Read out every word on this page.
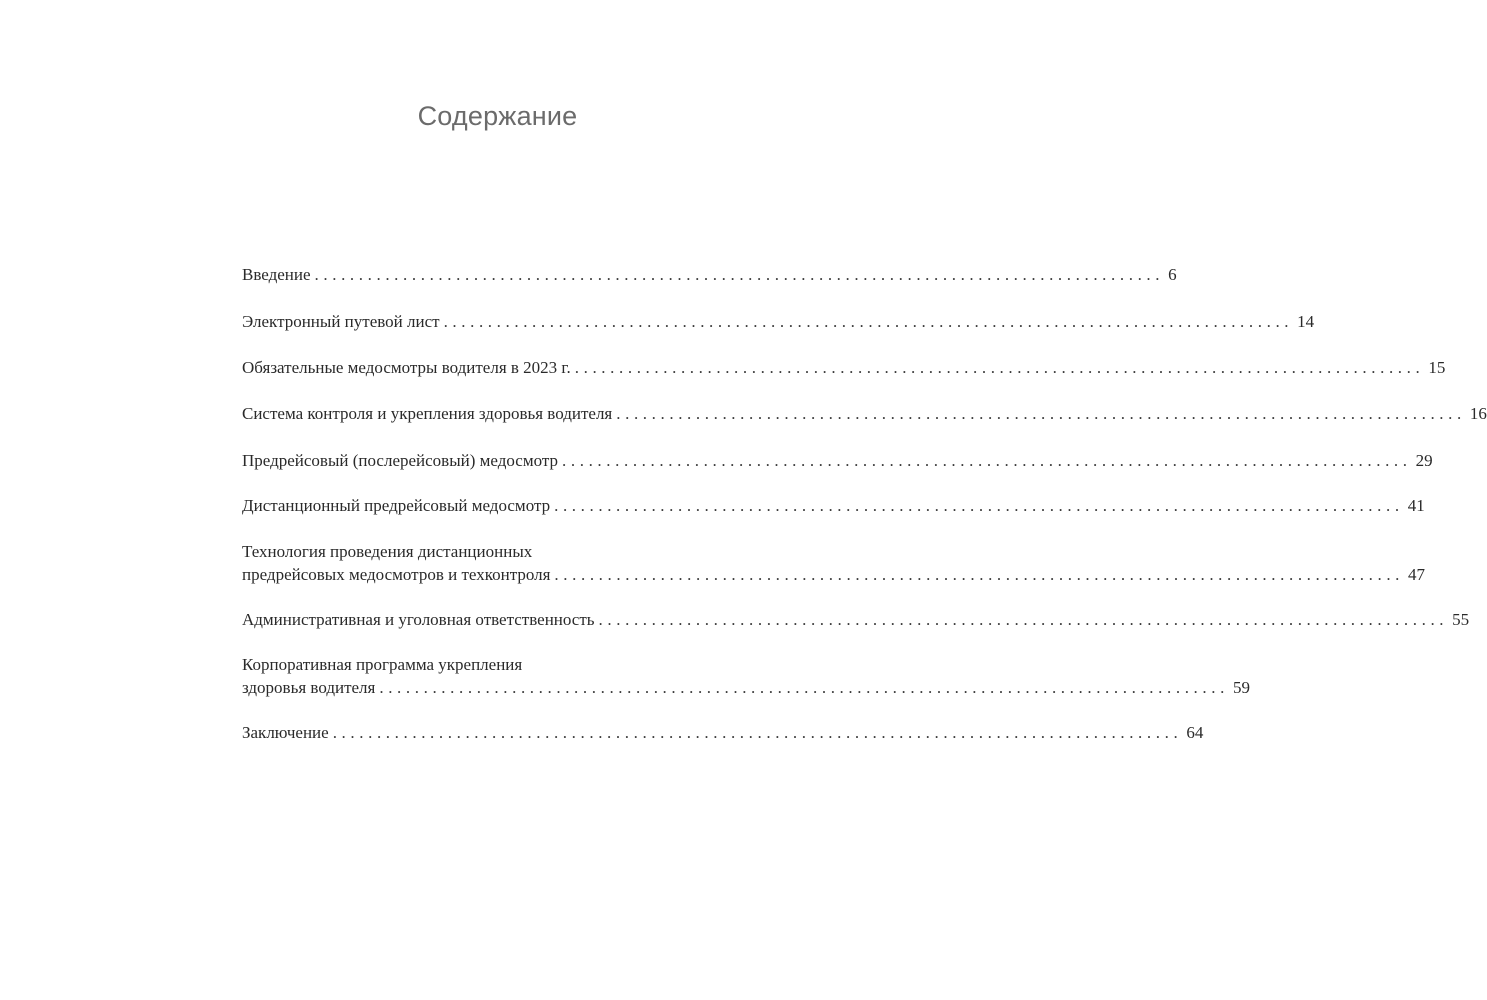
Содержание
Введение ................................................................................................ 6
Электронный путевой лист ................................................................................................ 14
Обязательные медосмотры водителя в 2023 г. ................................................................................................ 15
Система контроля и укрепления здоровья водителя ................................................................................................ 16
Предрейсовый (послерейсовый) медосмотр ................................................................................................ 29
Дистанционный предрейсовый медосмотр ................................................................................................ 41
Технология проведения дистанционных
предрейсовых медосмотров и техконтроля ................................................................................................ 47
Административная и уголовная ответственность ................................................................................................ 55
Корпоративная программа укрепления
здоровья водителя ................................................................................................ 59
Заключение ................................................................................................ 64
